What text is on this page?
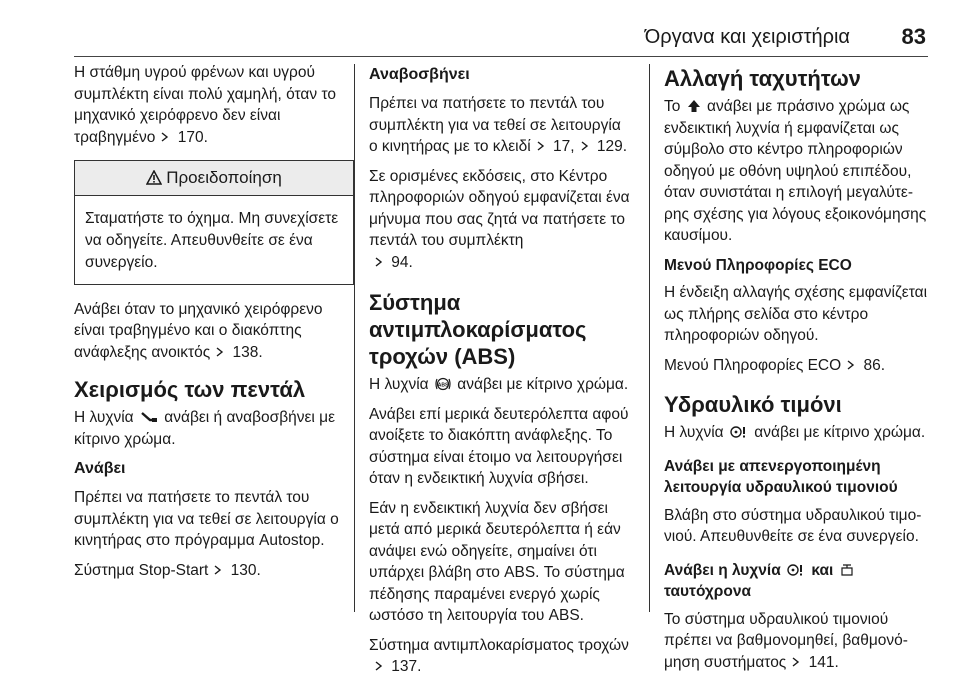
Όργανα και χειριστήρια 83

Η στάθμη υγρού φρένων και υγρού συμπλέκτη είναι πολύ χαμηλή, όταν το μηχανικό χειρόφρενο δεν είναι τραβηγμένο 170.

Προειδοποίηση
Σταματήστε το όχημα. Μη συνεχίσετε να οδηγείτε. Απευθυνθείτε σε ένα συνεργείο.

Ανάβει όταν το μηχανικό χειρόφρενο είναι τραβηγμένο και ο διακόπτης ανάφλεξης ανοικτός 138.

Χειρισμός των πεντάλ

Η λυχνία ανάβει ή αναβοσβήνει με κίτρινο χρώμα.

Ανάβει

Πρέπει να πατήσετε το πεντάλ του συμπλέκτη για να τεθεί σε λειτουργία ο κινητήρας στο πρόγραμμα Autostop.

Σύστημα Stop-Start 130.

Αναβοσβήνει

Πρέπει να πατήσετε το πεντάλ του συμπλέκτη για να τεθεί σε λειτουργία ο κινητήρας με το κλειδί 17, 129.

Σε ορισμένες εκδόσεις, στο Κέντρο πληροφοριών οδηγού εμφανίζεται ένα μήνυμα που σας ζητά να πατήσετε το πεντάλ του συμπλέκτη
94.

Σύστημα αντιμπλοκαρίσματος τροχών (ABS)

Η λυχνία ABS ανάβει με κίτρινο χρώμα.

Ανάβει επί μερικά δευτερόλεπτα αφού ανοίξετε το διακόπτη ανάφλεξης. Το σύστημα είναι έτοιμο να λειτουργήσει όταν η ενδεικτική λυχνία σβήσει.

Εάν η ενδεικτική λυχνία δεν σβήσει μετά από μερικά δευτερόλεπτα ή εάν ανάψει ενώ οδηγείτε, σημαίνει ότι υπάρχει βλάβη στο ABS. Το σύστημα πέδησης παραμένει ενεργό χωρίς ωστόσο τη λειτουργία του ABS.

Σύστημα αντιμπλοκαρίσματος τροχών
137.

Αλλαγή ταχυτήτων

Το ανάβει με πράσινο χρώμα ως ενδεικτική λυχνία ή εμφανίζεται ως σύμβολο στο κέντρο πληροφοριών οδηγού με οθόνη υψηλού επιπέδου, όταν συνιστάται η επιλογή μεγαλύτερης σχέσης για λόγους εξοικονόμησης καυσίμου.

Μενού Πληροφορίες ECO

Η ένδειξη αλλαγής σχέσης εμφανίζεται ως πλήρης σελίδα στο κέντρο πληροφοριών οδηγού.

Μενού Πληροφορίες ECO 86.

Υδραυλικό τιμόνι

Η λυχνία ανάβει με κίτρινο χρώμα.

Ανάβει με απενεργοποιημένη λειτουργία υδραυλικού τιμονιού

Βλάβη στο σύστημα υδραυλικού τιμονιού. Απευθυνθείτε σε ένα συνεργείο.

Ανάβει η λυχνία και
ταυτόχρονα

Το σύστημα υδραυλικού τιμονιού πρέπει να βαθμονομηθεί, βαθμονόμηση συστήματος 141.
